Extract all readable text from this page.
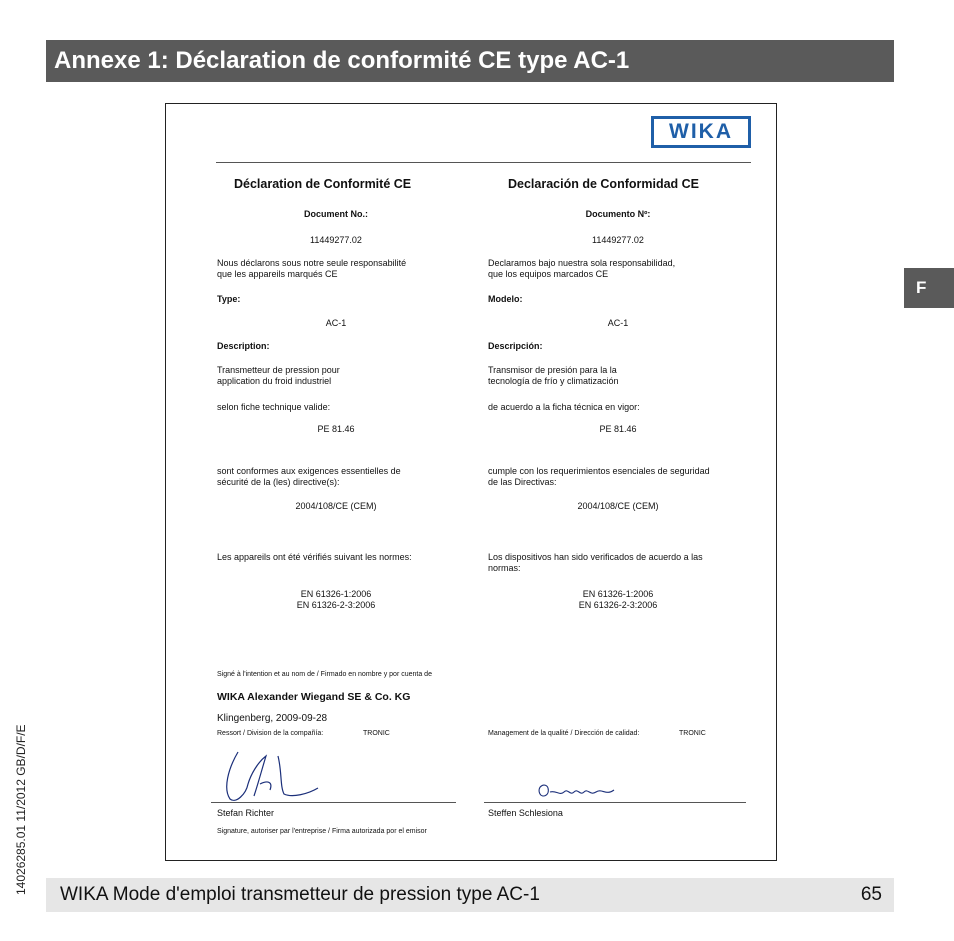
Annexe 1: Déclaration de conformité CE type AC-1
F
14026285.01 11/2012 GB/D/F/E
WIKA
Déclaration de Conformité CE
Document No.:
11449277.02
Nous déclarons sous notre seule responsabilité
que les appareils marqués CE
Type:
AC-1
Description:
Transmetteur de pression pour
application du froid industriel
selon fiche technique valide:
PE 81.46
sont conformes aux exigences essentielles de
sécurité de la (les) directive(s):
2004/108/CE (CEM)
Les appareils ont été vérifiés suivant les normes:
EN 61326-1:2006
EN 61326-2-3:2006
Declaración de Conformidad CE
Documento Nº:
11449277.02
Declaramos bajo nuestra sola responsabilidad,
que los equipos marcados CE
Modelo:
AC-1
Descripción:
Transmisor de presión para la la
tecnología de frío y climatización
de acuerdo a la ficha técnica en vigor:
PE 81.46
cumple con los requerimientos esenciales de seguridad
de las Directivas:
2004/108/CE (CEM)
Los dispositivos han sido verificados de acuerdo a las
normas:
EN 61326-1:2006
EN 61326-2-3:2006
Signé à l'intention et au nom de / Firmado en nombre y por cuenta de
WIKA Alexander Wiegand SE & Co. KG
Klingenberg, 2009-09-28
Ressort / Division de la compañía:	TRONIC	Management de la qualité / Dirección de calidad:	TRONIC
Stefan Richter	Steffen Schlesiona
Signature, autoriser par l'entreprise / Firma autorizada por el emisor
WIKA Mode d'emploi transmetteur de pression type AC-1	65
